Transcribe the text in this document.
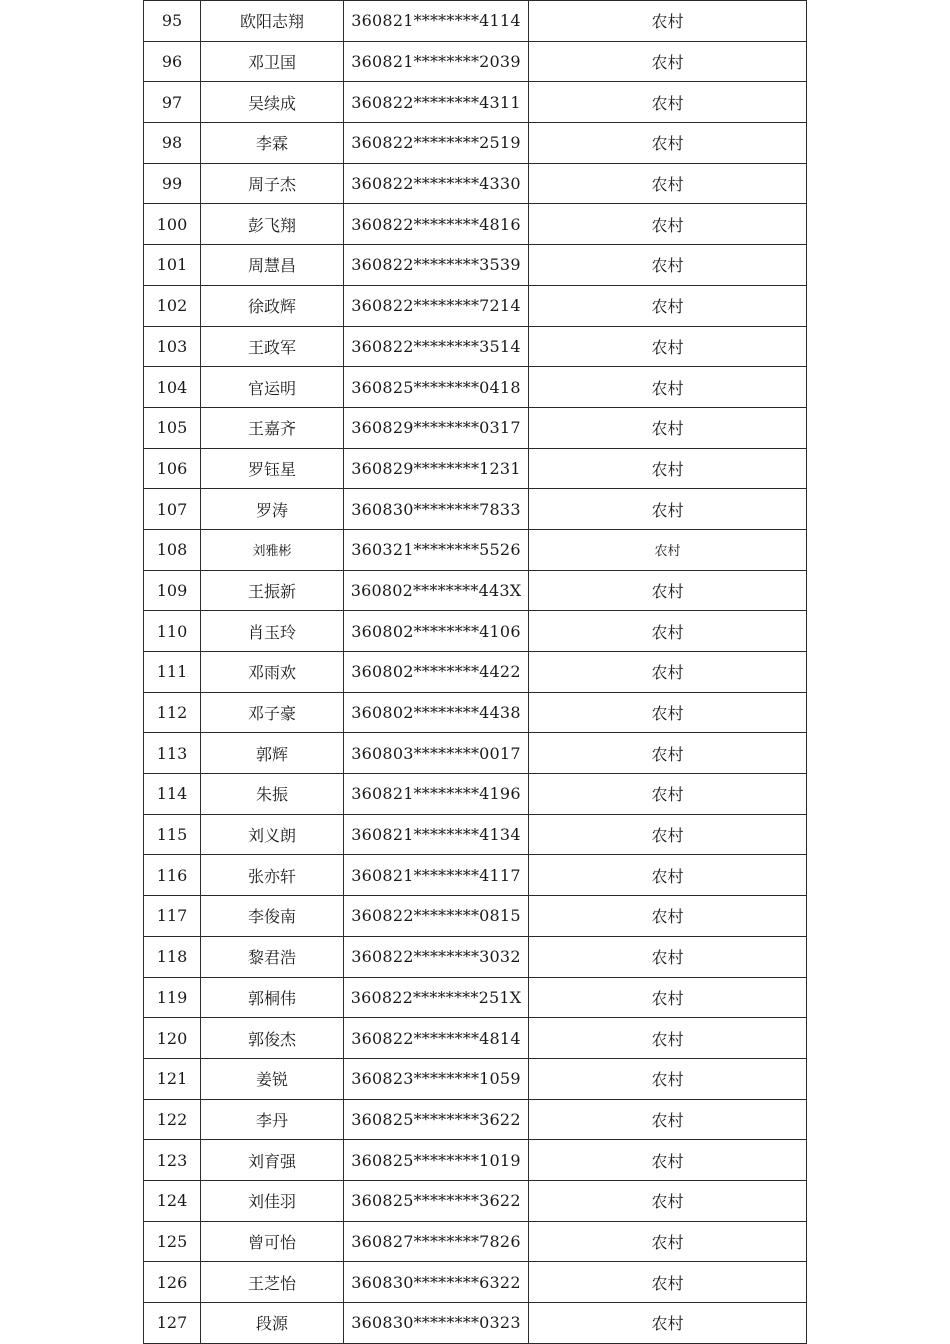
95	欧阳志翔	360821********4114	农村
96	邓卫国	360821********2039	农村
97	吴续成	360822********4311	农村
98	李霖	360822********2519	农村
99	周子杰	360822********4330	农村
100	彭飞翔	360822********4816	农村
101	周慧昌	360822********3539	农村
102	徐政辉	360822********7214	农村
103	王政军	360822********3514	农村
104	官运明	360825********0418	农村
105	王嘉齐	360829********0317	农村
106	罗钰星	360829********1231	农村
107	罗涛	360830********7833	农村
108	刘雅彬	360321********5526	农村
109	王振新	360802********443X	农村
110	肖玉玲	360802********4106	农村
111	邓雨欢	360802********4422	农村
112	邓子豪	360802********4438	农村
113	郭辉	360803********0017	农村
114	朱振	360821********4196	农村
115	刘义朗	360821********4134	农村
116	张亦轩	360821********4117	农村
117	李俊南	360822********0815	农村
118	黎君浩	360822********3032	农村
119	郭桐伟	360822********251X	农村
120	郭俊杰	360822********4814	农村
121	姜锐	360823********1059	农村
122	李丹	360825********3622	农村
123	刘育强	360825********1019	农村
124	刘佳羽	360825********3622	农村
125	曾可怡	360827********7826	农村
126	王芝怡	360830********6322	农村
127	段源	360830********0323	农村
